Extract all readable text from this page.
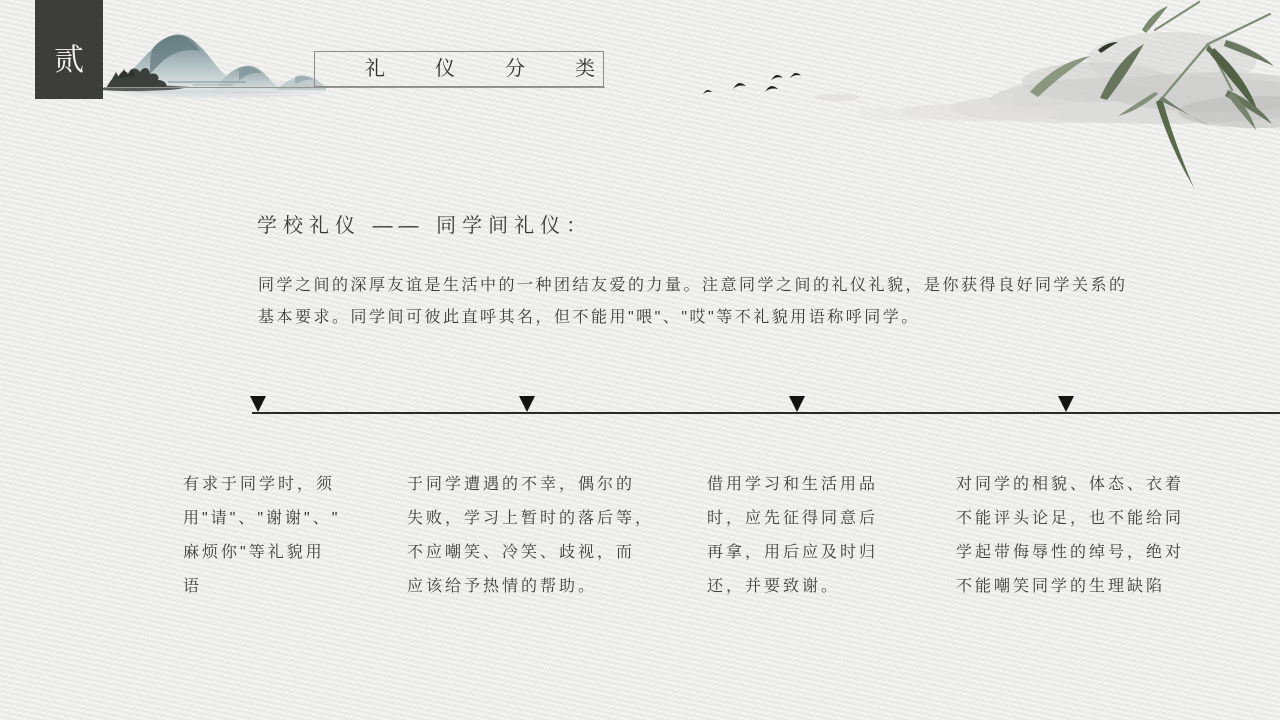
贰	礼仪分类
学校礼仪 —— 同学间礼仪：
同学之间的深厚友谊是生活中的一种团结友爱的力量。注意同学之间的礼仪礼貌，是你获得良好同学关系的
基本要求。同学间可彼此直呼其名，但不能用"喂"、"哎"等不礼貌用语称呼同学。
有求于同学时，须
用"请"、"谢谢"、"
麻烦你"等礼貌用
语
于同学遭遇的不幸，偶尔的
失败，学习上暂时的落后等，
不应嘲笑、冷笑、歧视，而
应该给予热情的帮助。
借用学习和生活用品
时，应先征得同意后
再拿，用后应及时归
还，并要致谢。
对同学的相貌、体态、衣着
不能评头论足，也不能给同
学起带侮辱性的绰号，绝对
不能嘲笑同学的生理缺陷
